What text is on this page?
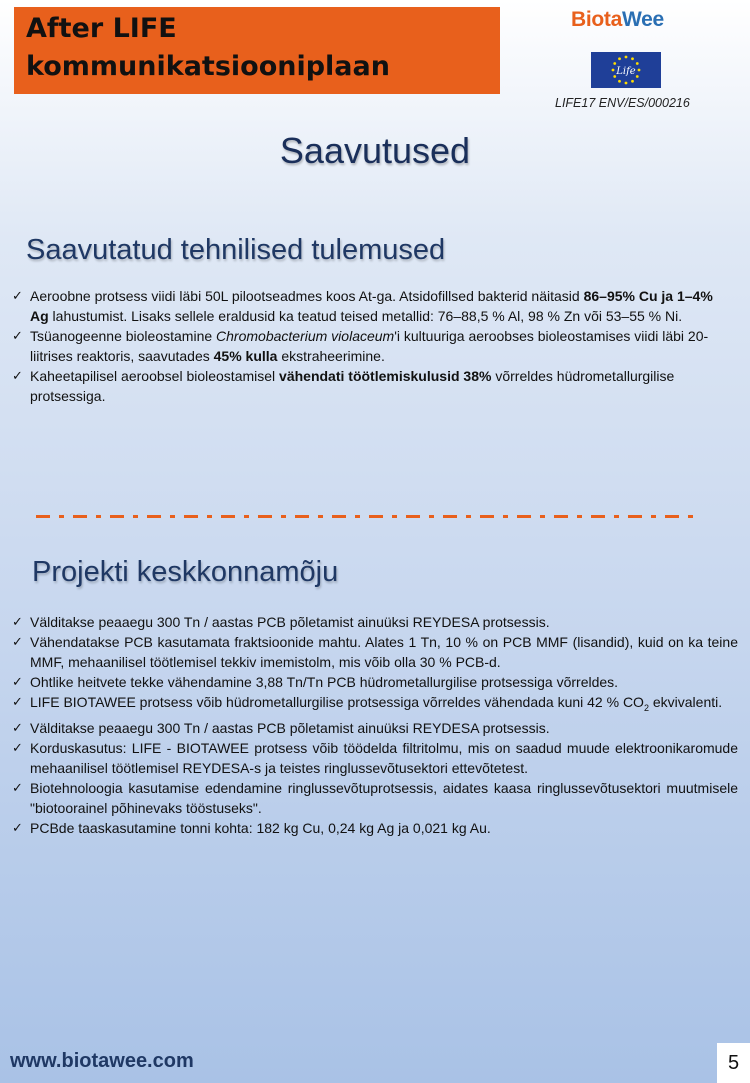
After LIFE
kommunikatsiooniplaan
BiotaWee
Life
LIFE17 ENV/ES/000216
Saavutused
Saavutatud tehnilised tulemused
✓ Aeroobne protsess viidi läbi 50L pilootseadmes koos At-ga. Atsidofillsed bakterid näitasid 86–95% Cu ja 1–4% Ag lahustumist. Lisaks sellele eraldusid ka teatud teised metallid: 76–88,5 % Al, 98 % Zn või 53–55 % Ni.
✓ Tsüanogeenne bioleostamine Chromobacterium violaceum'i kultuuriga aeroobses bioleostamises viidi läbi 20-liitrises reaktoris, saavutades 45% kulla ekstraheerimine.
✓ Kaheetapilisel aeroobsel bioleostamisel vähendati töötlemiskulusid 38% võrreldes hüdrometallurgilise protsessiga.
Projekti keskkonnamõju
✓ Välditakse peaaegu 300 Tn / aastas PCB põletamist ainuüksi REYDESA protsessis.
✓ Vähendatakse PCB kasutamata fraktsioonide mahtu. Alates 1 Tn, 10 % on PCB MMF (lisandid), kuid on ka teine MMF, mehaanilisel töötlemisel tekkiv imemistolm, mis võib olla 30 % PCB-d.
✓ Ohtlike heitvete tekke vähendamine 3,88 Tn/Tn PCB hüdrometallurgilise protsessiga võrreldes.
✓ LIFE BIOTAWEE protsess võib hüdrometallurgilise protsessiga võrreldes vähendada kuni 42 % $CO_2$ ekvivalenti.
✓ Välditakse peaaegu 300 Tn / aastas PCB põletamist ainuüksi REYDESA protsessis.
✓ Korduskasutus: LIFE - BIOTAWEE protsess võib töödelda filtritolmu, mis on saadud muude elektroonikaromude mehaanilisel töötlemisel REYDESA-s ja teistes ringlussevõtusektori ettevõtetest.
✓ Biotehnoloogia kasutamise edendamine ringlussevõtuprotsessis, aidates kaasa ringlussevõtusektori muutmisele "biotoorainel põhinevaks tööstuseks".
✓ PCBde taaskasutamine tonni kohta: 182 kg Cu, 0,24 kg Ag ja 0,021 kg Au.
www.biotawee.com	5
